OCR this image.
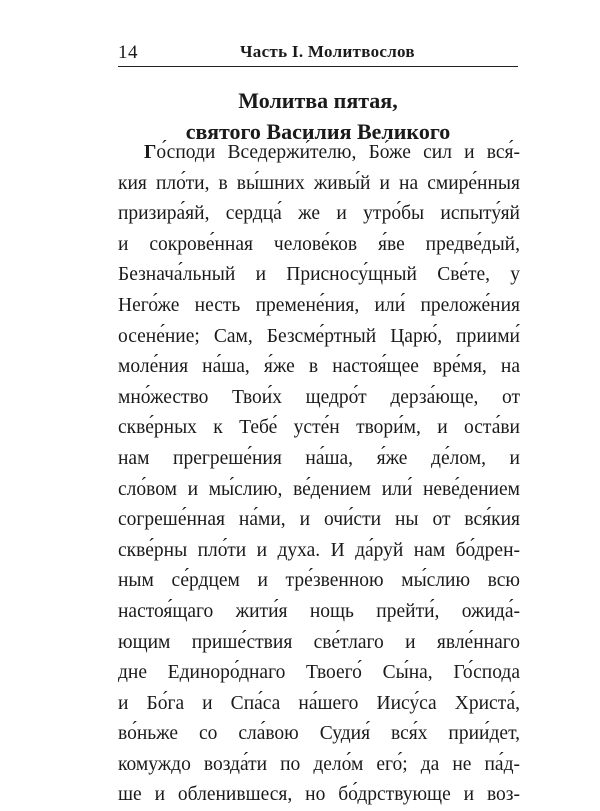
14	Часть I. Молитвослов
Молитва пятая,
святого Василия Великого
Го́споди Вседержи́телю, Бо́же сил и вся́-
кия пло́ти, в вы́шних живы́й и на смире́нныя
призира́яй, сердца́ же и утро́бы испыту́яй
и сокрове́нная челове́ков я́ве предве́дый,
Безнача́льный и Присносу́щный Све́те, у
Него́же несть премене́ния, или́ преложе́ния
осене́ние; Сам, Безсме́ртный Царю́, приими́
моле́ния на́ша, я́же в настоя́щее вре́мя, на
мно́жество Твои́х щедро́т дерза́юще, от
скве́рных к Тебе́ усте́н твори́м, и оста́ви
нам прегреше́ния на́ша, я́же де́лом, и
сло́вом и мы́слию, ве́дением или́ неве́дением
согреше́нная на́ми, и очи́сти ны от вся́кия
скве́рны пло́ти и духа. И да́руй нам бо́дрен-
ным се́рдцем и тре́звенною мы́слию всю
настоя́щаго жити́я нощь прейти́, ожида́-
ющим прише́ствия све́тлаго и явле́ннаго
дне Единоро́днаго Твоего́ Сы́на, Го́спода
и Бо́га и Спа́са на́шего Иису́са Христа́,
во́ньже со сла́вою Судия́ вся́х прии́дет,
комуждо возда́ти по дело́м его́; да не па́д-
ше и обленившеся, но бо́дрствующе и воз-
